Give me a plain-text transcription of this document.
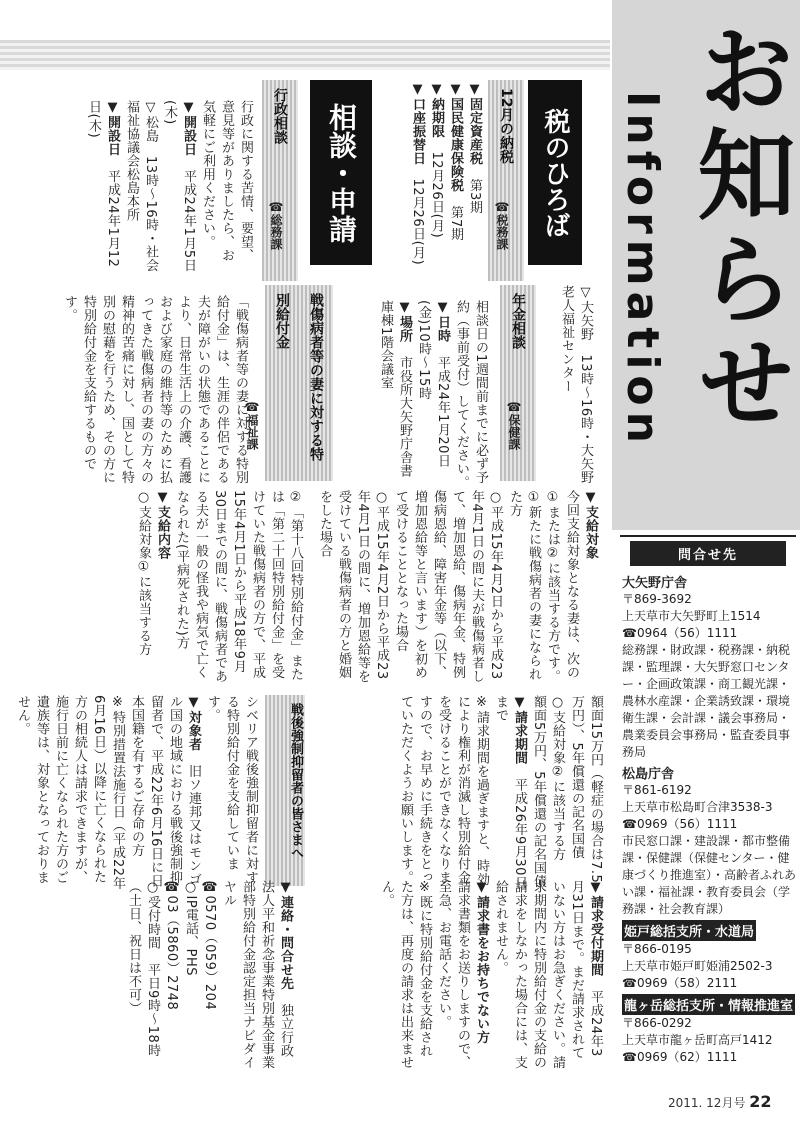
Information お知らせ
税のひろば
12月の納税
☎税務課
▼固定資産税　第3期
▼国民健康保険税　第7期
▼納期限　12月26日(月)
▼口座振替日　12月26日(月)
相談・申請
行政相談
☎総務課
行政に関する苦情、要望、意見等がありましたら、お気軽にご利用ください。
▼開設日　平成24年1月5日(木)
▽松島　13時～16時・社会福祉協議会松島本所
▼開設日　平成24年1月12日(木)
▽大矢野　13時～16時・大矢野老人福祉センター
年金相談
☎保健課
相談日の1週間前までに必ず予約（事前受付）してください。
▼日時　平成24年1月20日(金)10時～15時
▼場所　市役所大矢野庁舎書庫棟1階会議室
戦傷病者等の妻に対する特別給付金
☎福祉課
「戦傷病者等の妻に対する特別給付金」は、生涯の伴侶である夫が障がいの状態であることにより、日常生活上の介護、看護および家庭の維持等のために払ってきた戦傷病者の妻の方々の精神的苦痛に対し、国として特別の慰藉を行うため、その方に特別給付金を支給するものです。
▼支給対象
今回支給対象となる妻は、次の①または②に該当する方です。
①新たに戦傷病者の妻になられた方
○平成15年4月2日から平成23年4月1日の間に夫が戦傷病者して、増加恩給、傷病年金、特例傷病恩給、障害年金等（以下、増加恩給等と言います）を初めて受けることとなった場合
○平成15年4月2日から平成23年4月1日の間に、増加恩給等を受けている戦傷病者の方と婚姻をした場合
②「第十八回特別給付金」または「第二十回特別給付金」を受けていた戦傷病者の方で、平成15年4月1日から平成18年9月30日までの間に、戦傷病者である夫が一般の怪我や病気で亡くなられた(平病死された)方
▼支給内容
○支給対象①に該当する方
額面15万円（軽症の場合は7.5万円）、5年償還の記名国債
○支給対象②に該当する方
額面5万円、5年償還の記名国債
▼請求期間　平成26年9月30日まで
※請求期間を過ぎますと、時効により権利が消滅し特別給付金を受けることができなくなりますので、お早めに手続きをとっていただくようお願いします。
戦後強制抑留者の皆さまへ
シベリア戦後強制抑留者に対する特別給付金を支給しています。
▼対象者　旧ソ連邦又はモンゴル国の地域における戦後強制抑留者で、平成22年6月16日に日本国籍を有するご存命の方
※特別措置法施行日（平成22年6月16日）以降に亡くなられた方の相続人は請求できますが、施行日前に亡くなられた方のご遺族等は、対象となっておりません。
▼請求受付期間　平成24年3月31日まで。まだ請求されていない方はお急ぎください。請求期間内に特別給付金の支給の請求をしなかった場合には、支給されません。
▼請求書をお持ちでない方　請求書類をお送りしますので、至急、お電話ください。
※既に特別給付金を支給された方は、再度の請求は出来ません。
▼連絡・問合せ先　独立行政法人平和祈念事業特別基金事業部特別給付金認定担当ナビダイヤル
☎0570（059）204
○IP電話、PHS
☎03（5860）2748
○受付時間　平日9時～18時（土日、祝日は不可）
問合せ先
大矢野庁舎
〒869-3692
上天草市大矢野町上1514
☎0964（56）1111
総務課・財政課・税務課・納税課・監理課・大矢野窓口センター・企画政策課・商工観光課・農林水産課・企業誘致課・環境衛生課・会計課・議会事務局・農業委員会事務局・監査委員事務局
松島庁舎
〒861-6192
上天草市松島町合津3538-3
☎0969（56）1111
市民窓口課・建設課・都市整備課・保健課（保健センター・健康づくり推進室）・高齢者ふれあい課・福祉課・教育委員会（学務課・社会教育課）
姫戸総括支所・水道局
〒866-0195
上天草市姫戸町姫浦2502-3
☎0969（58）2111
龍ヶ岳総括支所・情報推進室
〒866-0292
上天草市龍ヶ岳町高戸1412
☎0969（62）1111
2011. 12月号 22
